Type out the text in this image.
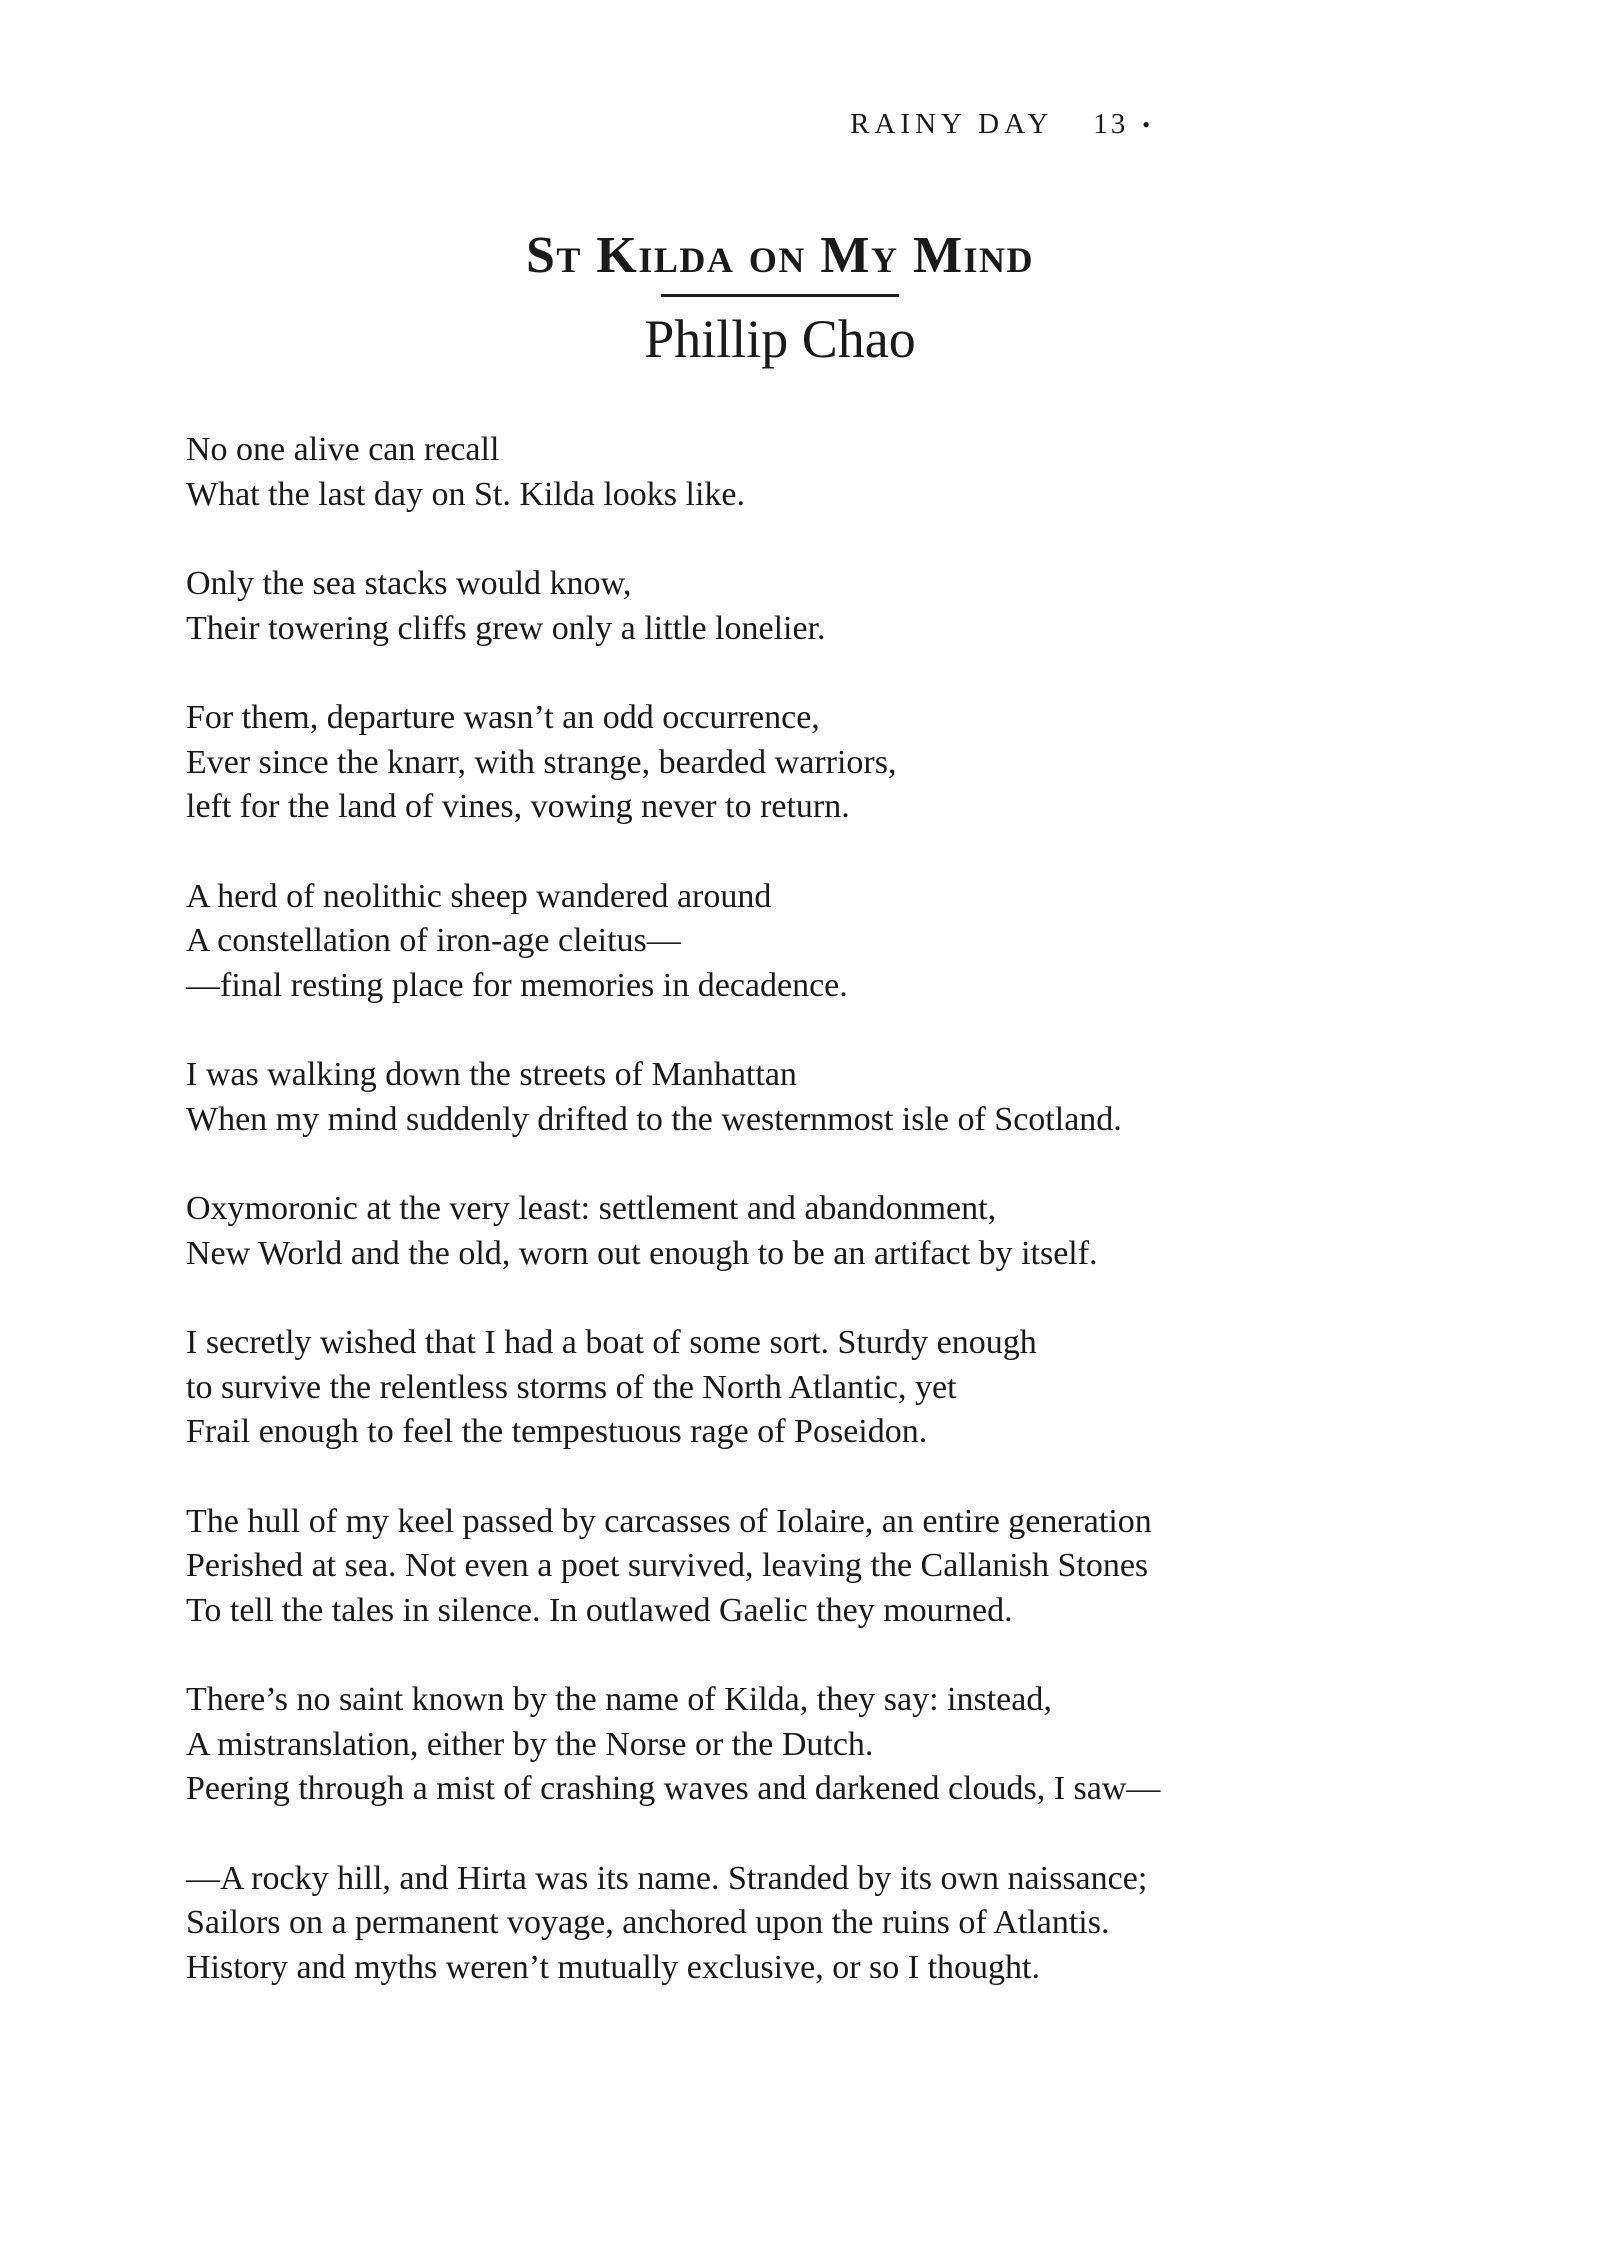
RAINY DAY 13 •
St Kilda on My Mind
Phillip Chao
No one alive can recall
What the last day on St. Kilda looks like.
Only the sea stacks would know,
Their towering cliffs grew only a little lonelier.
For them, departure wasn’t an odd occurrence,
Ever since the knarr, with strange, bearded warriors,
left for the land of vines, vowing never to return.
A herd of neolithic sheep wandered around
A constellation of iron-age cleitus—
—final resting place for memories in decadence.
I was walking down the streets of Manhattan
When my mind suddenly drifted to the westernmost isle of Scotland.
Oxymoronic at the very least: settlement and abandonment,
New World and the old, worn out enough to be an artifact by itself.
I secretly wished that I had a boat of some sort. Sturdy enough
to survive the relentless storms of the North Atlantic, yet
Frail enough to feel the tempestuous rage of Poseidon.
The hull of my keel passed by carcasses of Iolaire, an entire generation
Perished at sea. Not even a poet survived, leaving the Callanish Stones
To tell the tales in silence. In outlawed Gaelic they mourned.
There’s no saint known by the name of Kilda, they say: instead,
A mistranslation, either by the Norse or the Dutch.
Peering through a mist of crashing waves and darkened clouds, I saw—
—A rocky hill, and Hirta was its name. Stranded by its own naissance;
Sailors on a permanent voyage, anchored upon the ruins of Atlantis.
History and myths weren’t mutually exclusive, or so I thought.
